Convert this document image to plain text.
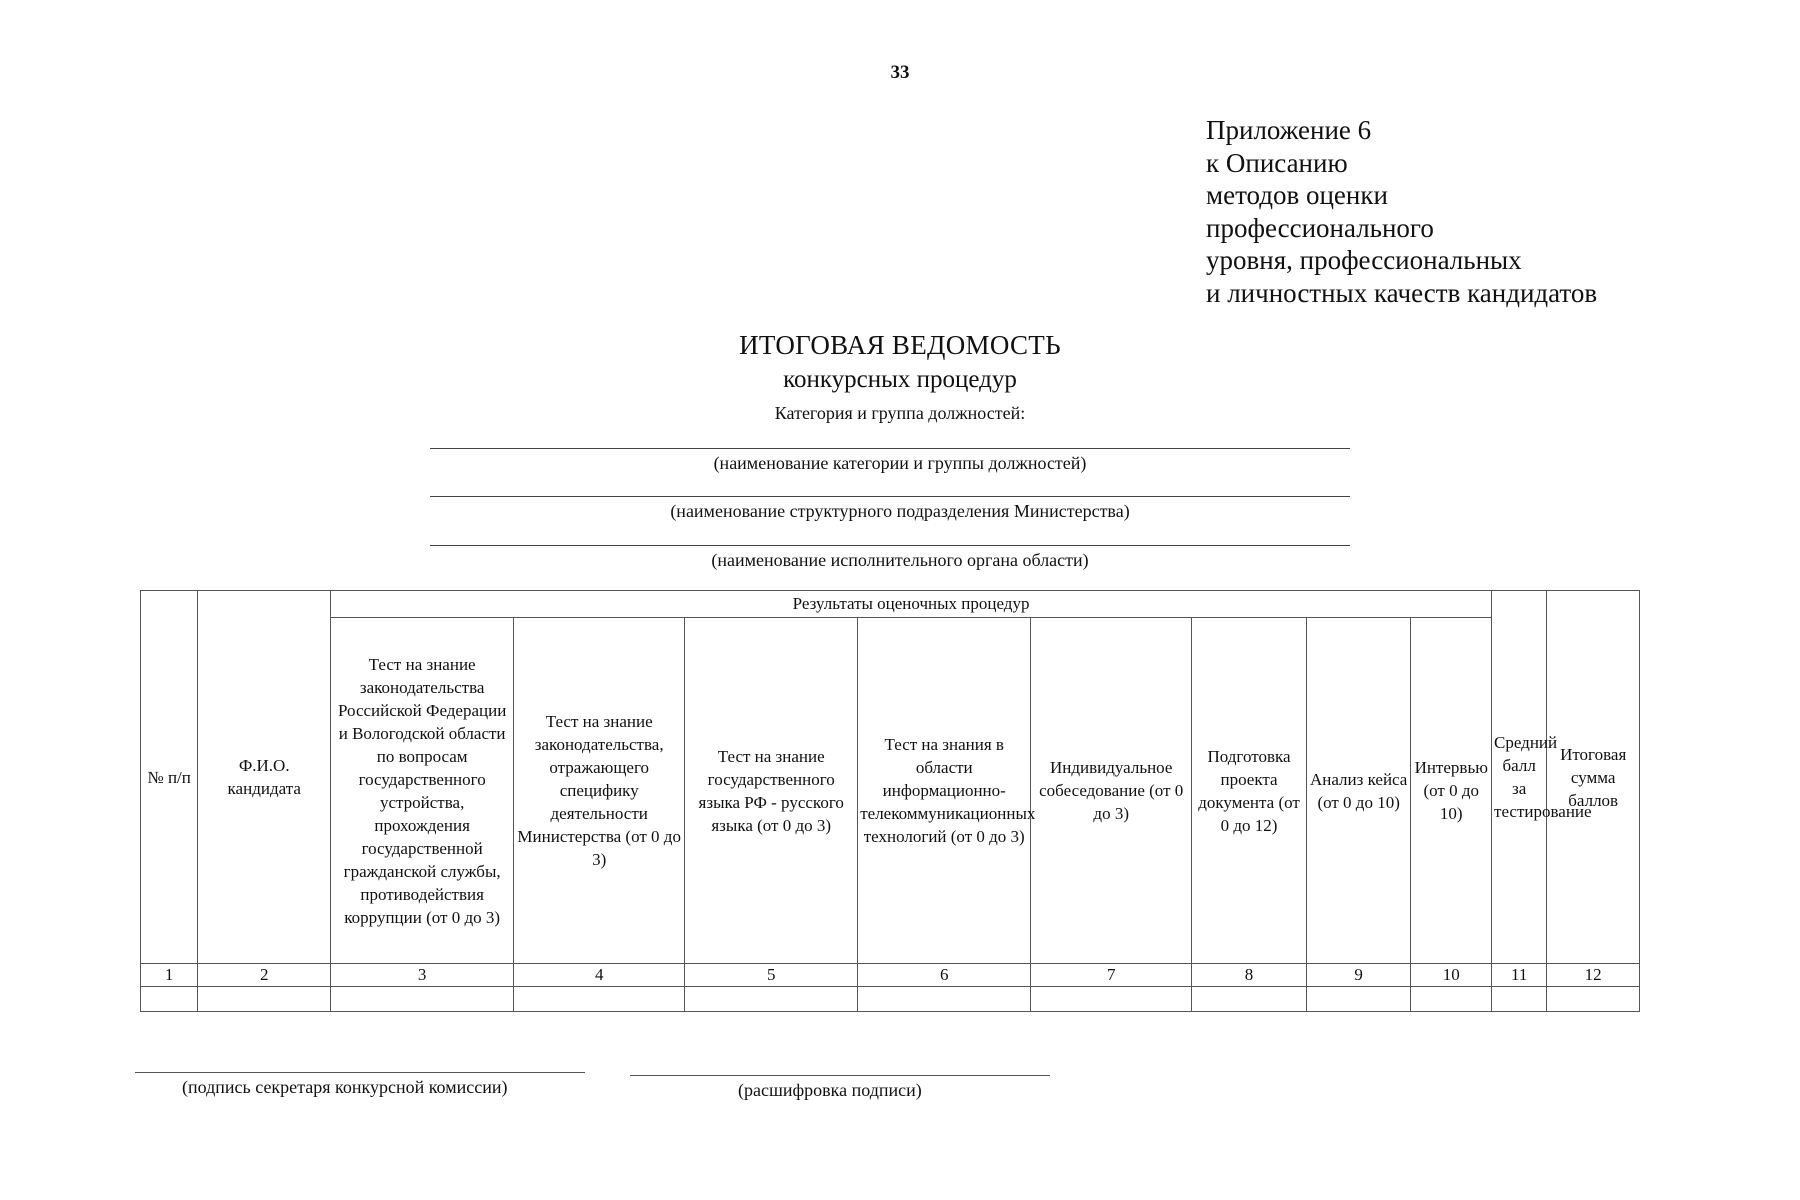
33
Приложение 6
к Описанию
методов оценки
профессионального
уровня, профессиональных
и личностных качеств кандидатов
ИТОГОВАЯ ВЕДОМОСТЬ
конкурсных процедур
Категория и группа должностей:
(наименование категории и группы должностей)
(наименование структурного подразделения Министерства)
(наименование исполнительного органа области)
№ п/п	Ф.И.О. кандидата	Результаты оценочных процедур								Средний балл за тестирование	Итоговая сумма баллов
		Тест на знание законодательства Российской Федерации и Вологодской области по вопросам государственного устройства, прохождения государственной гражданской службы, противодействия коррупции (от 0 до 3)	Тест на знание законодательства, отражающего специфику деятельности Министерства (от 0 до 3)	Тест на знание государственного языка РФ - русского языка (от 0 до 3)	Тест на знания в области информационно-телекоммуникационных технологий (от 0 до 3)	Индивидуальное собеседование (от 0 до 3)	Подготовка проекта документа (от 0 до 12)	Анализ кейса (от 0 до 10)	Интервью (от 0 до 10)		
1	2	3	4	5	6	7	8	9	10	11	12

(подпись секретаря конкурсной комиссии)	(расшифровка подписи)
